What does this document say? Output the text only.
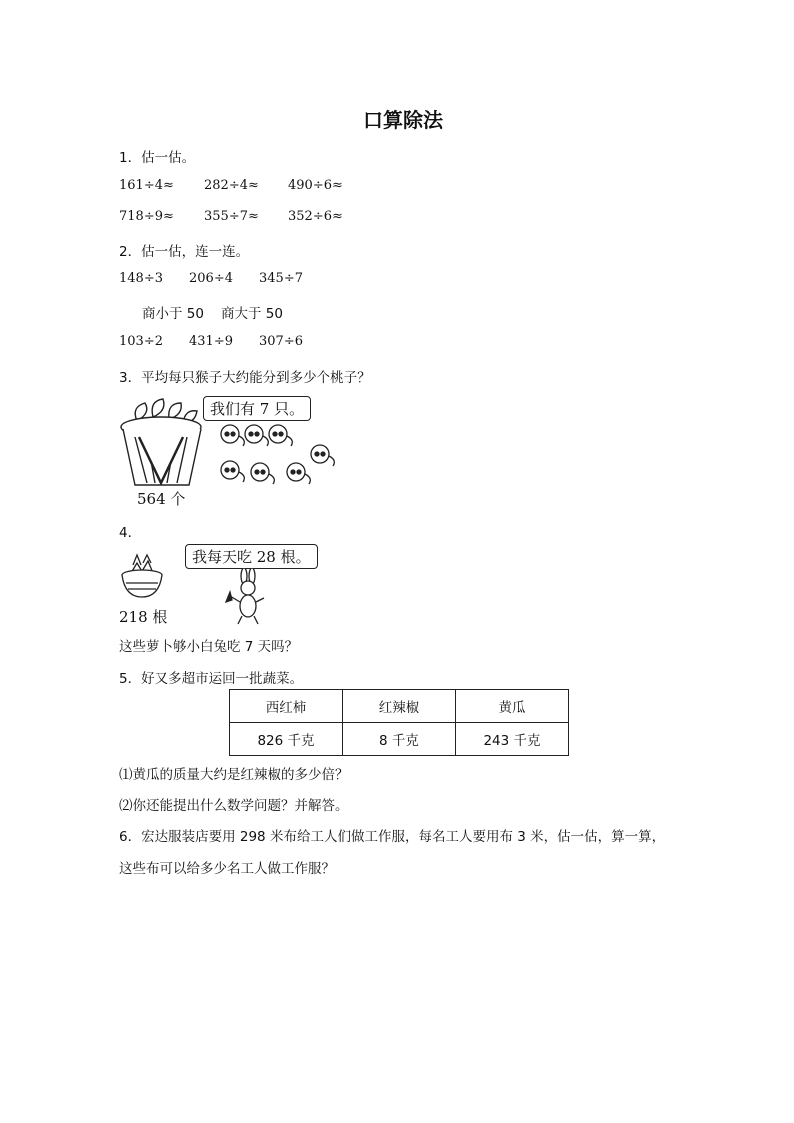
口算除法
1．估一估。
161÷4≈ 282÷4≈ 490÷6≈
718÷9≈ 355÷7≈ 352÷6≈
2．估一估，连一连。
148÷3 206÷4 345÷7
商小于 50 商大于 50
103÷2 431÷9 307÷6
3．平均每只猴子大约能分到多少个桃子？
564 个
我们有 7 只。
4．
218 根
我每天吃 28 根。
这些萝卜够小白兔吃 7 天吗？
5．好又多超市运回一批蔬菜。
西红柿	红辣椒	黄瓜
826 千克	8 千克	243 千克
⑴黄瓜的质量大约是红辣椒的多少倍？
⑵你还能提出什么数学问题？并解答。
6．宏达服装店要用 298 米布给工人们做工作服，每名工人要用布 3 米，估一估，算一算，
这些布可以给多少名工人做工作服？
